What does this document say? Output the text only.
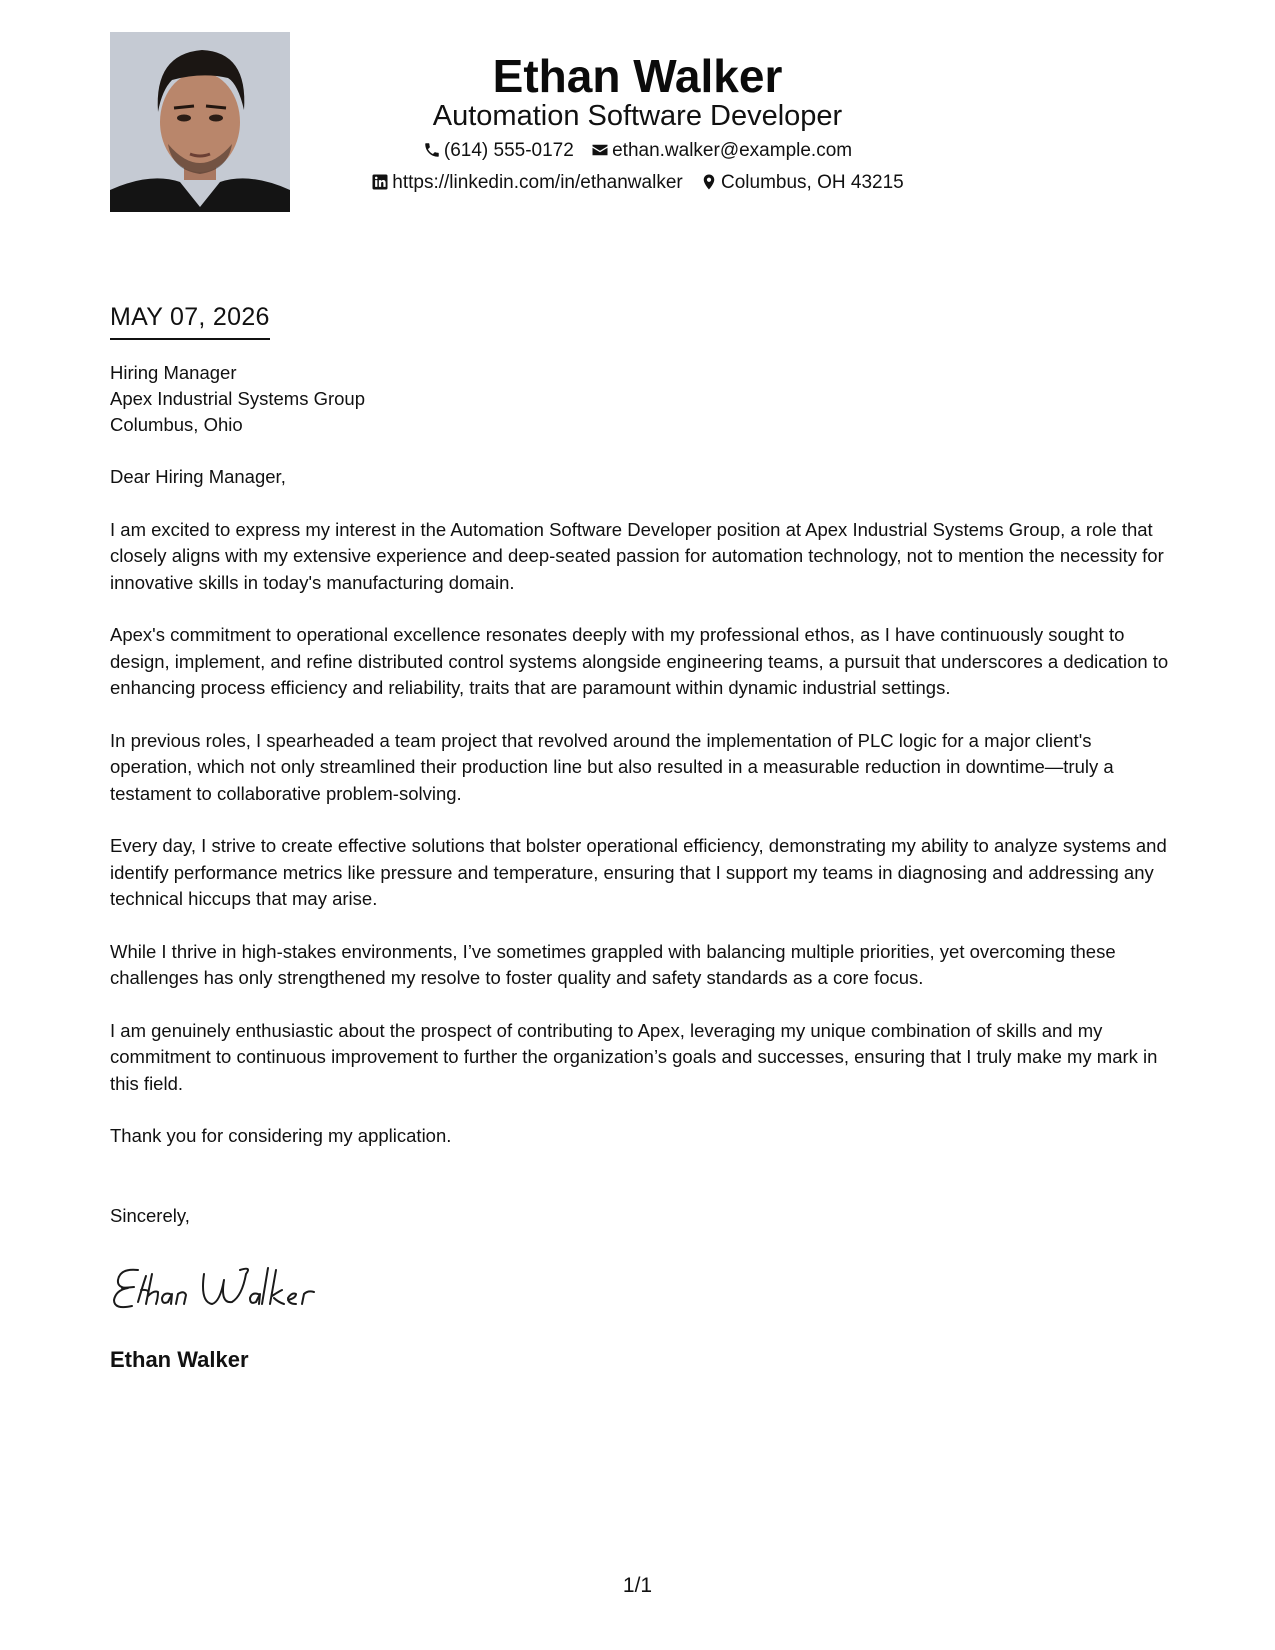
Ethan Walker
Automation Software Developer
(614) 555-0172 ethan.walker@example.com
https://linkedin.com/in/ethanwalker Columbus, OH 43215
MAY 07, 2026
Hiring Manager
Apex Industrial Systems Group
Columbus, Ohio

Dear Hiring Manager,

I am excited to express my interest in the Automation Software Developer position at Apex Industrial Systems Group, a role that closely aligns with my extensive experience and deep-seated passion for automation technology, not to mention the necessity for innovative skills in today's manufacturing domain.

Apex's commitment to operational excellence resonates deeply with my professional ethos, as I have continuously sought to design, implement, and refine distributed control systems alongside engineering teams, a pursuit that underscores a dedication to enhancing process efficiency and reliability, traits that are paramount within dynamic industrial settings.

In previous roles, I spearheaded a team project that revolved around the implementation of PLC logic for a major client's operation, which not only streamlined their production line but also resulted in a measurable reduction in downtime—truly a testament to collaborative problem-solving.

Every day, I strive to create effective solutions that bolster operational efficiency, demonstrating my ability to analyze systems and identify performance metrics like pressure and temperature, ensuring that I support my teams in diagnosing and addressing any technical hiccups that may arise.

While I thrive in high-stakes environments, I’ve sometimes grappled with balancing multiple priorities, yet overcoming these challenges has only strengthened my resolve to foster quality and safety standards as a core focus.

I am genuinely enthusiastic about the prospect of contributing to Apex, leveraging my unique combination of skills and my commitment to continuous improvement to further the organization’s goals and successes, ensuring that I truly make my mark in this field.

Thank you for considering my application.

Sincerely,
Ethan Walker
1/1
